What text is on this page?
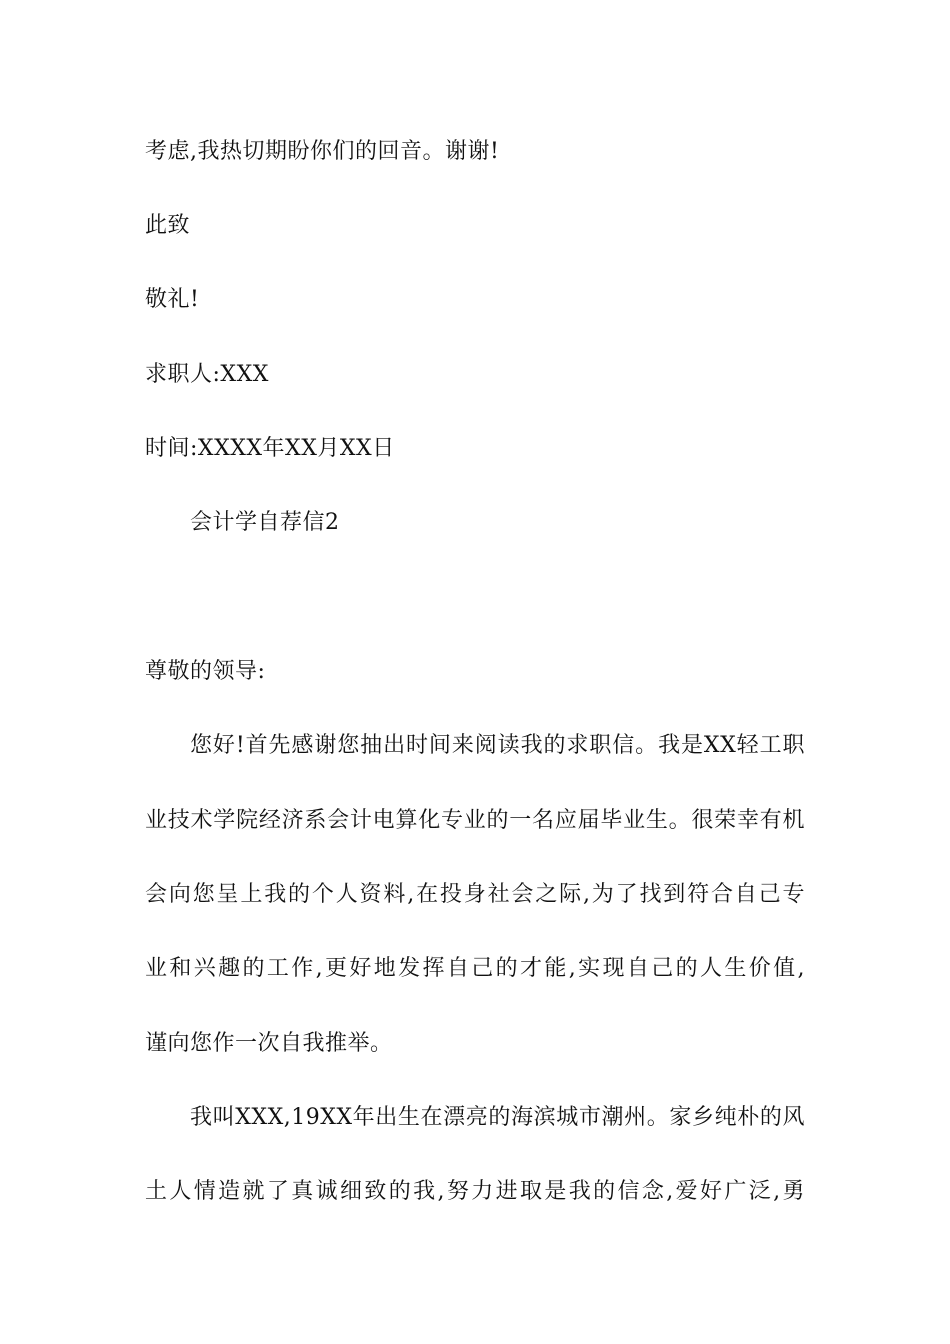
考虑,我热切期盼你们的回音。谢谢!
此致
敬礼!
求职人:XXX
时间:XXXX年XX月XX日
会计学自荐信2
尊敬的领导:
您好!首先感谢您抽出时间来阅读我的求职信。我是XX轻工职
业技术学院经济系会计电算化专业的一名应届毕业生。很荣幸有机
会向您呈上我的个人资料,在投身社会之际,为了找到符合自己专
业和兴趣的工作,更好地发挥自己的才能,实现自己的人生价值,
谨向您作一次自我推举。
我叫XXX,19XX年出生在漂亮的海滨城市潮州。家乡纯朴的风
土人情造就了真诚细致的我,努力进取是我的信念,爱好广泛,勇
